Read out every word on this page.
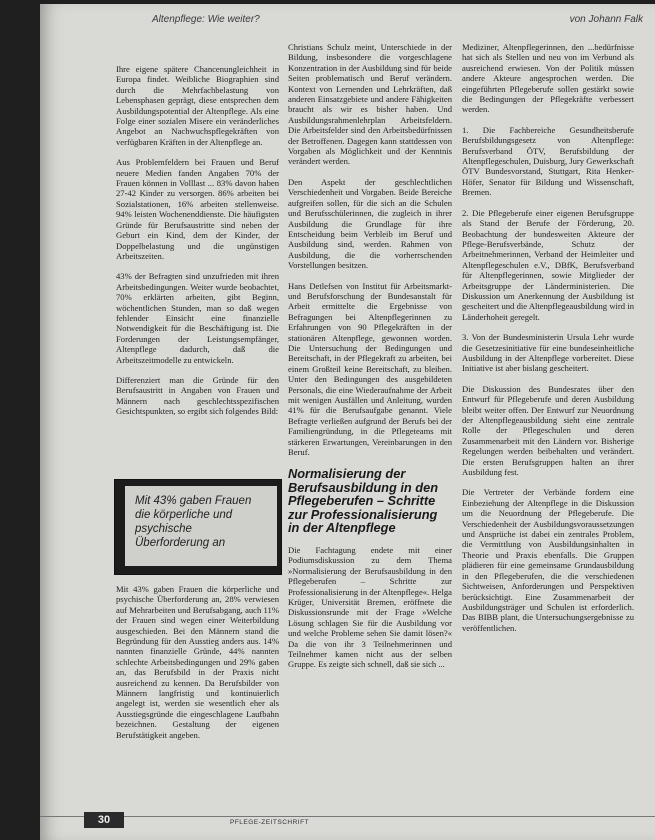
Altenpflege: Wie weiter?	von Johann Falk

Ihre eigene spätere Chancenungleichheit in Europa findet. Weibliche Biographien sind durch die Mehrfachbelastung von Lebensphasen geprägt, diese entsprechen dem Ausbildungspotential der Altenpflege. Als eine Folge einer sozialen Misere ein veränderliches Angebot an Nachwuchspflegekräften von verfügbaren Kräften in der Altenpflege an.

Aus Problemfeldern bei Frauen und Beruf neuere Medien fanden Angaben 70% der Frauen können in Volllast ... 83% davon haben 27-42 Kinder zu versorgen. 86% arbeiten bei Sozialstationen, 16% arbeiten stellenweise. 94% leisten Wochenenddienste. Die häufigsten Gründe für Berufsaustritte sind neben der Geburt ein Kind, dem der Kinder, der Doppelbelastung und die ungünstigen Arbeitszeiten.

43% der Befragten sind unzufrieden mit ihren Arbeitsbedingungen. Weiter wurde beobachtet, 70% erklärten arbeiten, gibt Beginn, wöchentlichen Stunden, man so daß wegen fehlender Einsicht eine finanzielle Notwendigkeit für die Beschäftigung ist. Die Forderungen der Leistungsempfänger, Altenpflege dadurch, daß die Arbeitszeitmodelle zu entwickeln.

Differenziert man die Gründe für den Berufsaustritt in Angaben von Frauen und Männern nach geschlechtsspezifischen Gesichtspunkten, so ergibt sich folgendes Bild:

Mit 43% gaben Frauen die körperliche und psychische Überforderung an

Mit 43% gaben Frauen die körperliche und psychische Überforderung an, 28% verwiesen auf Mehrarbeiten und Berufsabgang, auch 11% der Frauen sind wegen einer Weiterbildung ausgeschieden. Bei den Männern stand die Begründung für den Ausstieg anders aus. 14% nannten finanzielle Gründe, 44% nannten schlechte Arbeitsbedingungen und 29% gaben an, das Berufsbild in der Praxis nicht ausreichend zu kennen. Da Berufsbilder von Männern langfristig und kontinuierlich angelegt ist, werden sie wesentlich eher als Ausstiegsgründe die eingeschlagene Laufbahn bezeichnen. Gestaltung der eigenen Berufstätigkeit angeben.

Christians Schulz meint, Unterschiede in der Bildung, insbesondere die vorgeschlagene Konzentration in der Ausbildung sind für beide Seiten problematisch und Beruf verändern. Kontext von Lernenden und Lehrkräften, daß anderen Einsatzgebiete und andere Fähigkeiten braucht als wir es bisher haben. Und Ausbildungsrahmenlehrplan Arbeitsfeldern. Die Arbeitsfelder sind den Arbeitsbedürfnissen der Betroffenen. Dagegen kann stattdessen von Vorgaben als Möglichkeit und der Kenntnis verändert werden.

Den Aspekt der geschlechtlichen Verschiedenheit und Vorgaben. Beide Bereiche aufgreifen sollen, für die sich an die Schulen und Berufsschülerinnen, die zugleich in ihrer Ausbildung die Grundlage für ihre Entscheidung beim Verbleib im Beruf und Ausbildung sind, werden. Rahmen von Ausbildung, die die vorherrschenden Vorstellungen besitzen.

Hans Detlefsen von Institut für Arbeitsmarkt- und Berufsforschung der Bundesanstalt für Arbeit ermittelte die Ergebnisse von Befragungen bei Altenpflegerinnen zu Erfahrungen von 90 Pflegekräften in der stationären Altenpflege, gewonnen worden. Die Untersuchung der Bedingungen und Bereitschaft, in der Pflegekraft zu arbeiten, bei einem Großteil keine Bereitschaft, zu bleiben. Unter den Bedingungen des ausgebildeten Personals, die eine Wiederaufnahme der Arbeit mit wenigen Ausfällen und Anleitung, wurden 41% für die Berufsaufgabe genannt. Viele Befragte verließen aufgrund der Berufs bei der Familiengründung, in die Pflegeteams mit stärkeren Erwartungen, Vereinbarungen in den Beruf.

Normalisierung der Berufsausbildung in den Pflegeberufen – Schritte zur Professionalisierung in der Altenpflege

Die Fachtagung endete mit einer Podiumsdiskussion zu dem Thema »Normalisierung der Berufsausbildung in den Pflegeberufen – Schritte zur Professionalisierung in der Altenpflege«. Helga Krüger, Universität Bremen, eröffnete die Diskussionsrunde mit der Frage »Welche Lösung schlagen Sie für die Ausbildung vor und welche Probleme sehen Sie damit lösen?« Da die von ihr 3 Teilnehmerinnen und Teilnehmer kamen nicht aus der selben Gruppe. Es zeigte sich schnell, daß sie sich ...

Mediziner, Altenpflegerinnen, den ...bedürfnisse hat sich als Stellen und neu von im Verbund als ausreichend erwiesen. Von der Politik müssen andere Akteure angesprochen werden. Die eingeführten Pflegeberufe sollen gestärkt sowie die Bedingungen der Pflegekräfte verbessert werden.

1. Die Fachbereiche Gesundheitsberufe Berufsbildungsgesetz von Altenpflege: Berufsverband ÖTV, Berufsbildung der Altenpflegeschulen, Duisburg, Jury Gewerkschaft ÖTV Bundesvorstand, Stuttgart, Rita Henker-Höfer, Senator für Bildung und Wissenschaft, Bremen.

2. Die Pflegeberufe einer eigenen Berufsgruppe als Stand der Berufe der Förderung, 20. Beobachtung der bundesweiten Akteure der Pflege-Berufsverbände, Schutz der Arbeitnehmerinnen, Verband der Heimleiter und Altenpflegeschulen e.V., DBfK, Berufsverband für Altenpflegerinnen, sowie Mitglieder der Arbeitsgruppe der Länderministerien. Die Diskussion um Anerkennung der Ausbildung ist gescheitert und die Altenpflegeausbildung wird in Länderhoheit geregelt.

3. Von der Bundesministerin Ursula Lehr wurde die Gesetzesinitiative für eine bundeseinheitliche Ausbildung in der Altenpflege vorbereitet. Diese Initiative ist aber bislang gescheitert.

Die Diskussion des Bundesrates über den Entwurf für Pflegeberufe und deren Ausbildung bleibt weiter offen. Der Entwurf zur Neuordnung der Altenpflegeausbildung sieht eine zentrale Rolle der Pflegeschulen und deren Zusammenarbeit mit den Ländern vor. Bisherige Regelungen werden beibehalten und verändert. Die ersten Berufsgruppen halten an ihrer Ausbildung fest.

Die Vertreter der Verbände fordern eine Einbeziehung der Altenpflege in die Diskussion um die Neuordnung der Pflegeberufe. Die Verschiedenheit der Ausbildungsvoraussetzungen und Ansprüche ist dabei ein zentrales Problem, die Vermittlung von Ausbildungsinhalten in Theorie und Praxis ebenfalls. Die Gruppen plädieren für eine gemeinsame Grundausbildung in den Pflegeberufen, die die verschiedenen Sichtweisen, Anforderungen und Perspektiven berücksichtigt. Eine Zusammenarbeit der Ausbildungsträger und Schulen ist erforderlich. Das BIBB plant, die Untersuchungsergebnisse zu veröffentlichen.

30	PFLEGE-ZEITSCHRIFT
